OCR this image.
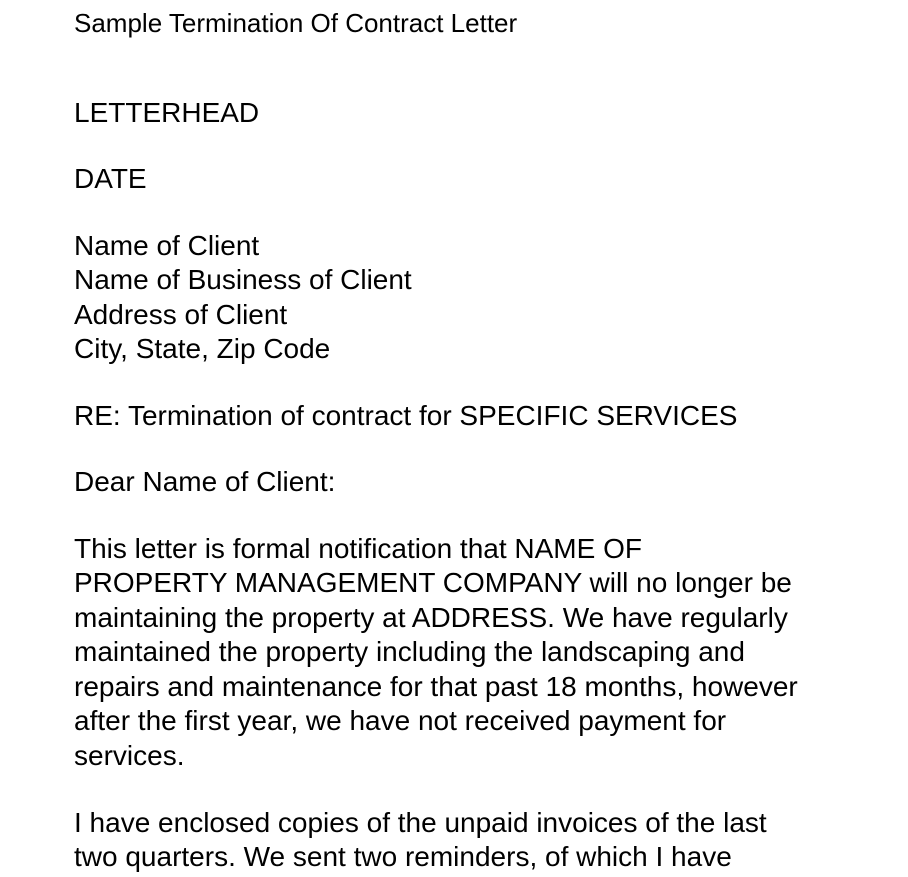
Sample Termination Of Contract Letter
LETTERHEAD
DATE
Name of Client
Name of Business of Client
Address of Client
City, State, Zip Code
RE: Termination of contract for SPECIFIC SERVICES
Dear Name of Client:
This letter is formal notification that NAME OF
PROPERTY MANAGEMENT COMPANY will no longer be
maintaining the property at ADDRESS. We have regularly
maintained the property including the landscaping and
repairs and maintenance for that past 18 months, however
after the first year, we have not received payment for
services.
I have enclosed copies of the unpaid invoices of the last
two quarters. We sent two reminders, of which I have
